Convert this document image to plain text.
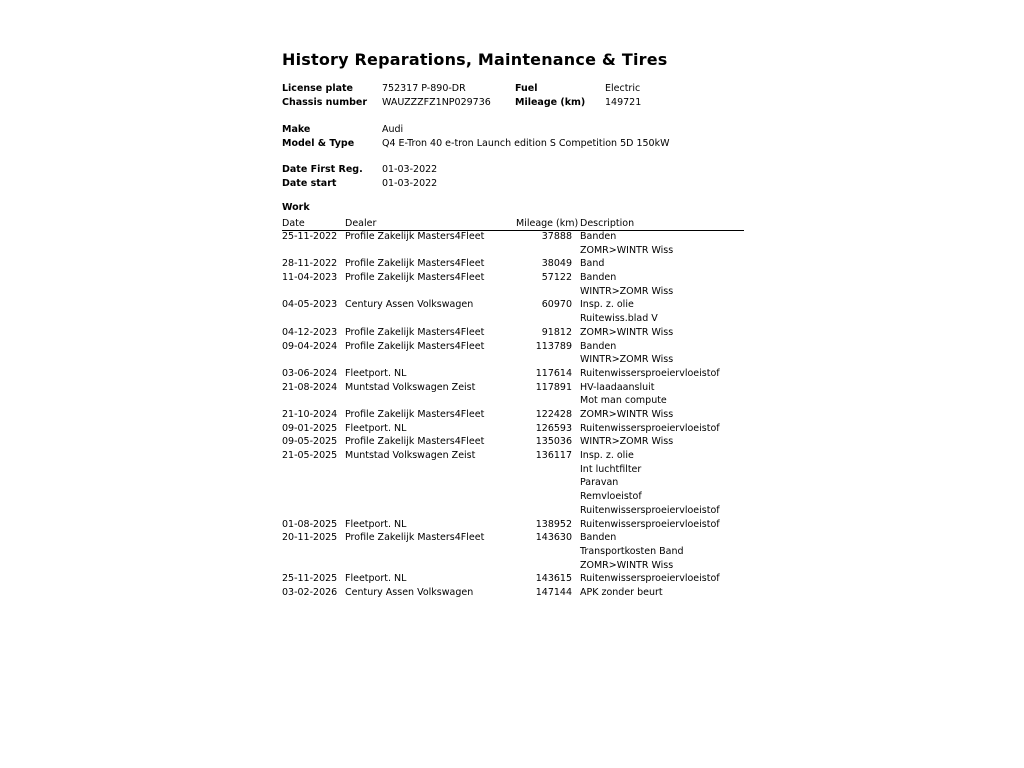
History Reparations, Maintenance & Tires
License plate	752317 P-890-DR	Fuel	Electric
Chassis number WAUZZZFZ1NP029736	Mileage (km) 149721
Make	Audi
Model & Type	Q4 E-Tron 40 e-tron Launch edition S Competition 5D 150kW
Date First Reg. 01-03-2022
Date start	01-03-2022
Work
Date	Dealer	Mileage (km) Description
25-11-2022 Profile Zakelijk Masters4Fleet	37888 Banden
ZOMR>WINTR Wiss
28-11-2022 Profile Zakelijk Masters4Fleet	38049 Band
11-04-2023 Profile Zakelijk Masters4Fleet	57122 Banden
WINTR>ZOMR Wiss
04-05-2023 Century Assen Volkswagen	60970 Insp. z. olie
Ruitewiss.blad V
04-12-2023 Profile Zakelijk Masters4Fleet	91812 ZOMR>WINTR Wiss
09-04-2024 Profile Zakelijk Masters4Fleet	113789 Banden
WINTR>ZOMR Wiss
03-06-2024 Fleetport. NL	117614 Ruitenwissersproeiervloeistof
21-08-2024 Muntstad Volkswagen Zeist	117891 HV-laadaansluit
Mot man compute
21-10-2024 Profile Zakelijk Masters4Fleet	122428 ZOMR>WINTR Wiss
09-01-2025 Fleetport. NL	126593 Ruitenwissersproeiervloeistof
09-05-2025 Profile Zakelijk Masters4Fleet	135036 WINTR>ZOMR Wiss
21-05-2025 Muntstad Volkswagen Zeist	136117 Insp. z. olie
Int luchtfilter
Paravan
Remvloeistof
Ruitenwissersproeiervloeistof
01-08-2025 Fleetport. NL	138952 Ruitenwissersproeiervloeistof
20-11-2025 Profile Zakelijk Masters4Fleet	143630 Banden
Transportkosten Band
ZOMR>WINTR Wiss
25-11-2025 Fleetport. NL	143615 Ruitenwissersproeiervloeistof
03-02-2026 Century Assen Volkswagen	147144 APK zonder beurt
